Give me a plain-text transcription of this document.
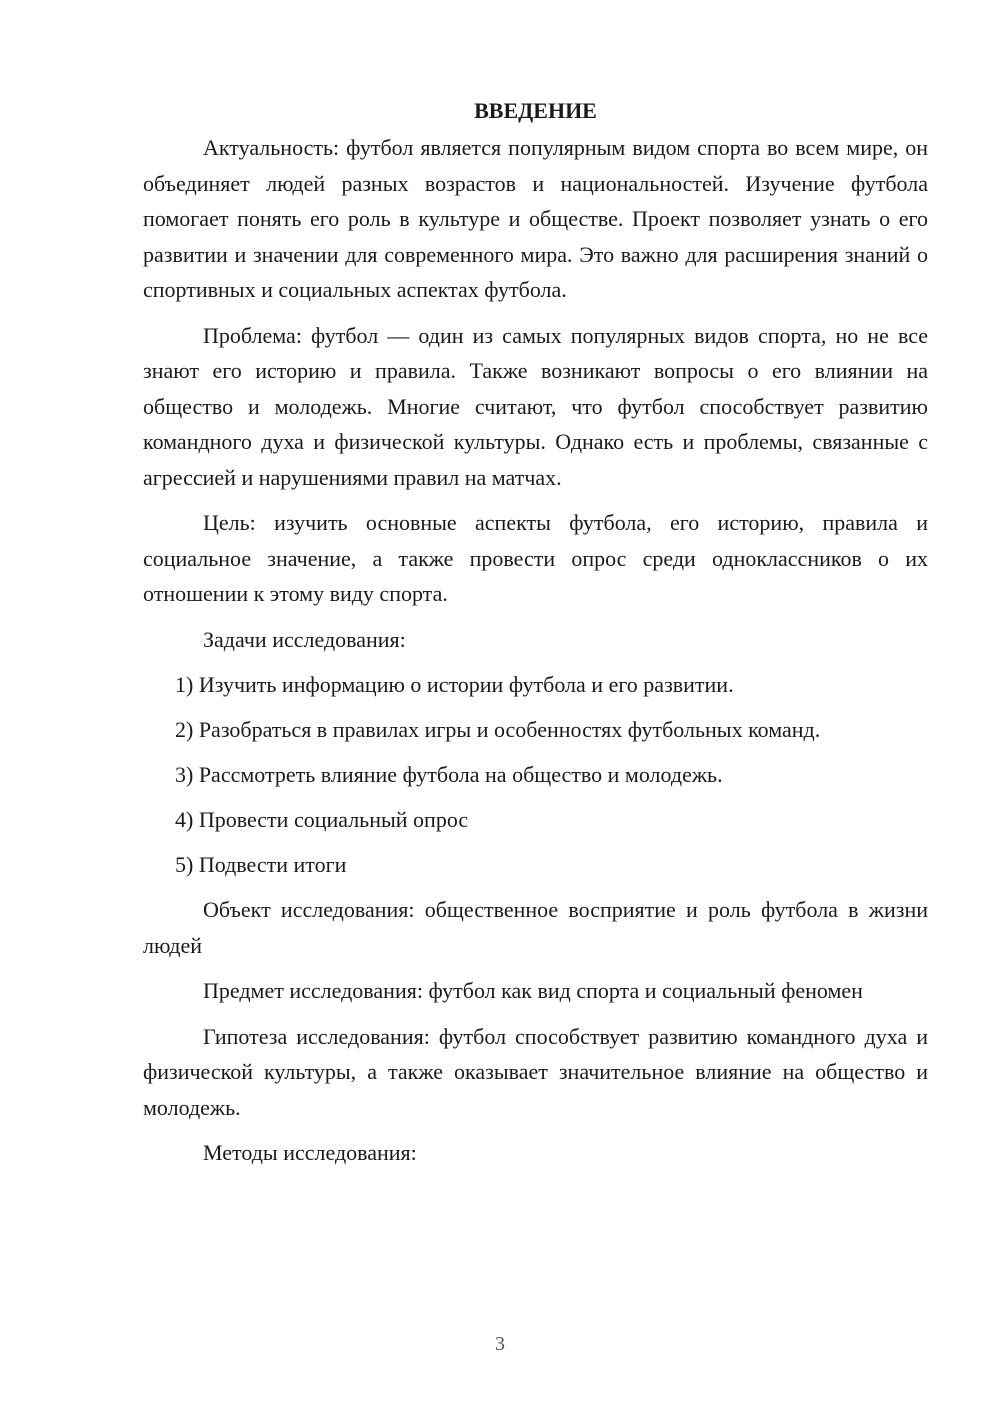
ВВЕДЕНИЕ

Актуальность: футбол является популярным видом спорта во всем мире, он объединяет людей разных возрастов и национальностей. Изучение футбола помогает понять его роль в культуре и обществе. Проект позволяет узнать о его развитии и значении для современного мира. Это важно для расширения знаний о спортивных и социальных аспектах футбола.

Проблема: футбол — один из самых популярных видов спорта, но не все знают его историю и правила. Также возникают вопросы о его влиянии на общество и молодежь. Многие считают, что футбол способствует развитию командного духа и физической культуры. Однако есть и проблемы, связанные с агрессией и нарушениями правил на матчах.

Цель: изучить основные аспекты футбола, его историю, правила и социальное значение, а также провести опрос среди одноклассников о их отношении к этому виду спорта.

Задачи исследования:

1) Изучить информацию о истории футбола и его развитии.
2) Разобраться в правилах игры и особенностях футбольных команд.
3) Рассмотреть влияние футбола на общество и молодежь.
4) Провести социальный опрос
5) Подвести итоги

Объект исследования: общественное восприятие и роль футбола в жизни людей

Предмет исследования: футбол как вид спорта и социальный феномен

Гипотеза исследования: футбол способствует развитию командного духа и физической культуры, а также оказывает значительное влияние на общество и молодежь.

Методы исследования:

3
